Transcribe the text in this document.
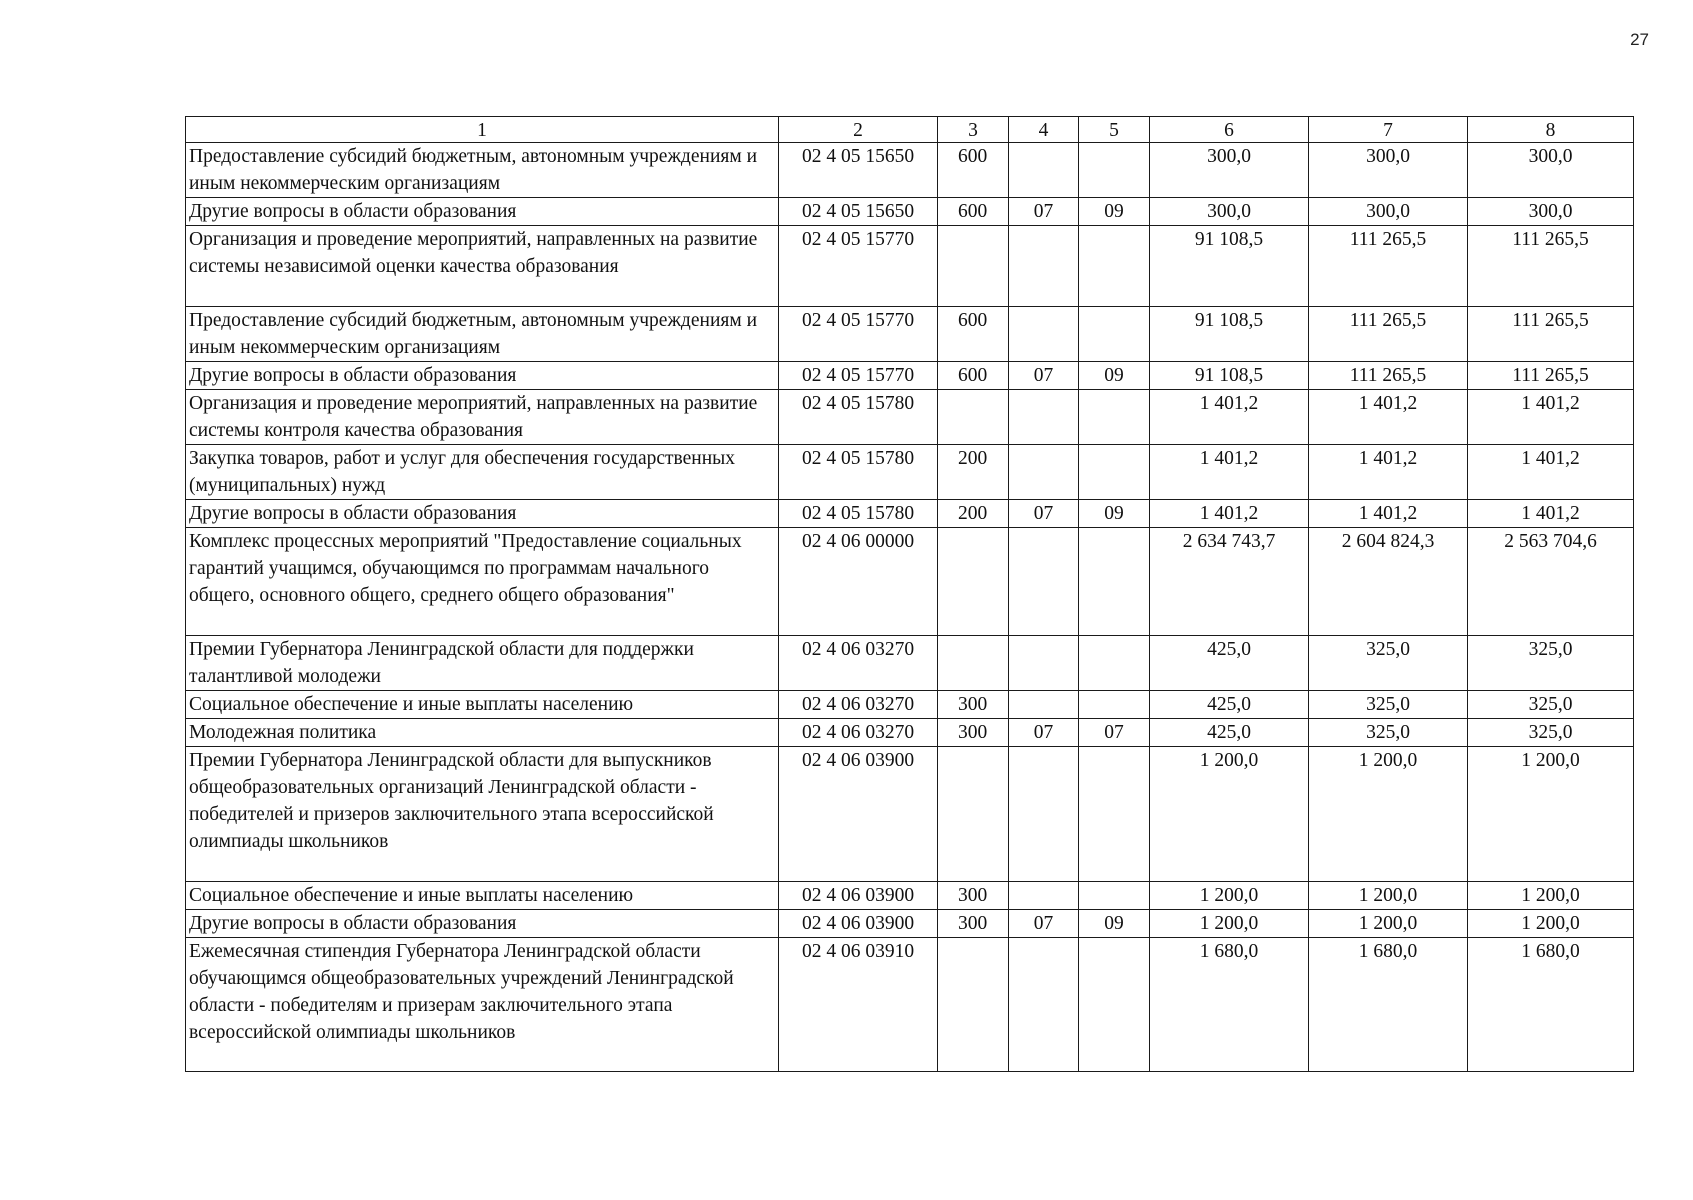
27
1	2	3	4	5	6	7	8
Предоставление субсидий бюджетным, автономным учреждениям и иным некоммерческим организациям	02 4 05 15650	600			300,0	300,0	300,0
Другие вопросы в области образования	02 4 05 15650	600	07	09	300,0	300,0	300,0
Организация и проведение мероприятий, направленных на развитие системы независимой оценки качества образования	02 4 05 15770				91 108,5	111 265,5	111 265,5
Предоставление субсидий бюджетным, автономным учреждениям и иным некоммерческим организациям	02 4 05 15770	600			91 108,5	111 265,5	111 265,5
Другие вопросы в области образования	02 4 05 15770	600	07	09	91 108,5	111 265,5	111 265,5
Организация и проведение мероприятий, направленных на развитие системы контроля качества образования	02 4 05 15780				1 401,2	1 401,2	1 401,2
Закупка товаров, работ и услуг для обеспечения государственных (муниципальных) нужд	02 4 05 15780	200			1 401,2	1 401,2	1 401,2
Другие вопросы в области образования	02 4 05 15780	200	07	09	1 401,2	1 401,2	1 401,2
Комплекс процессных мероприятий "Предоставление социальных гарантий учащимся, обучающимся по программам начального общего, основного общего, среднего общего образования"	02 4 06 00000				2 634 743,7	2 604 824,3	2 563 704,6
Премии Губернатора Ленинградской области для поддержки талантливой молодежи	02 4 06 03270				425,0	325,0	325,0
Социальное обеспечение и иные выплаты населению	02 4 06 03270	300			425,0	325,0	325,0
Молодежная политика	02 4 06 03270	300	07	07	425,0	325,0	325,0
Премии Губернатора Ленинградской области для выпускников общеобразовательных организаций Ленинградской области - победителей и призеров заключительного этапа всероссийской олимпиады школьников	02 4 06 03900				1 200,0	1 200,0	1 200,0
Социальное обеспечение и иные выплаты населению	02 4 06 03900	300			1 200,0	1 200,0	1 200,0
Другие вопросы в области образования	02 4 06 03900	300	07	09	1 200,0	1 200,0	1 200,0
Ежемесячная стипендия Губернатора Ленинградской области обучающимся общеобразовательных учреждений Ленинградской области - победителям и призерам заключительного этапа всероссийской олимпиады школьников	02 4 06 03910				1 680,0	1 680,0	1 680,0
